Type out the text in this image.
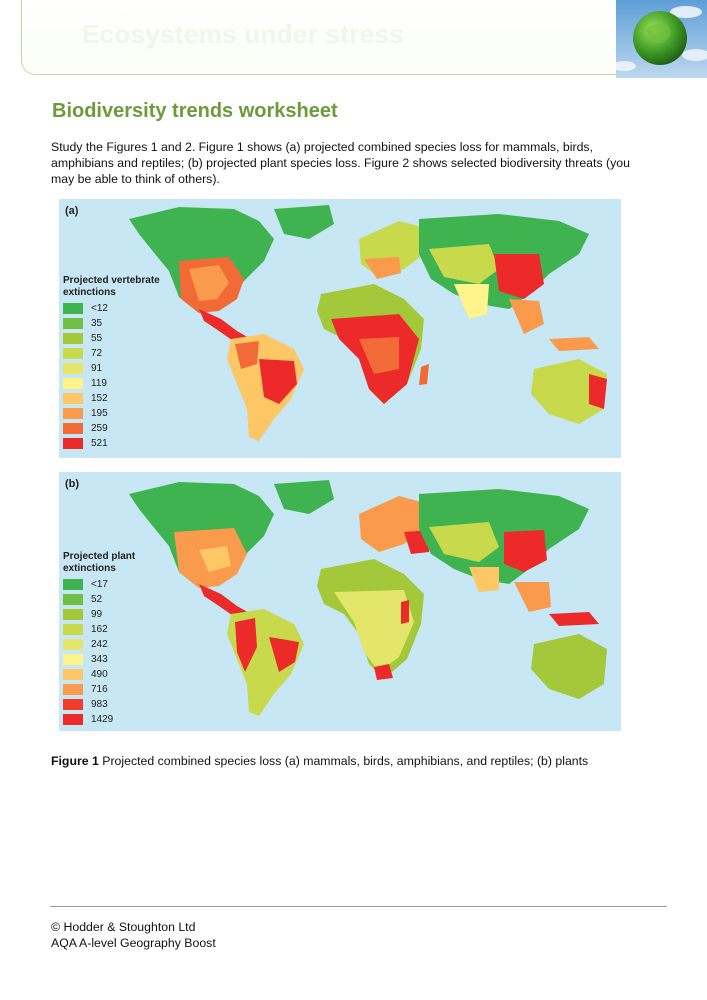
Ecosystems under stress
Biodiversity trends worksheet
Study the Figures 1 and 2. Figure 1 shows (a) projected combined species loss for mammals, birds, amphibians and reptiles; (b) projected plant species loss. Figure 2 shows selected biodiversity threats (you may be able to think of others).
(a)
Projected vertebrate extinctions
<12
35
55
72
91
119
152
195
259
521
(b)
Projected plant extinctions
<17
52
99
162
242
343
490
716
983
1429
Figure 1 Projected combined species loss (a) mammals, birds, amphibians, and reptiles; (b) plants
© Hodder & Stoughton Ltd
AQA A-level Geography Boost
